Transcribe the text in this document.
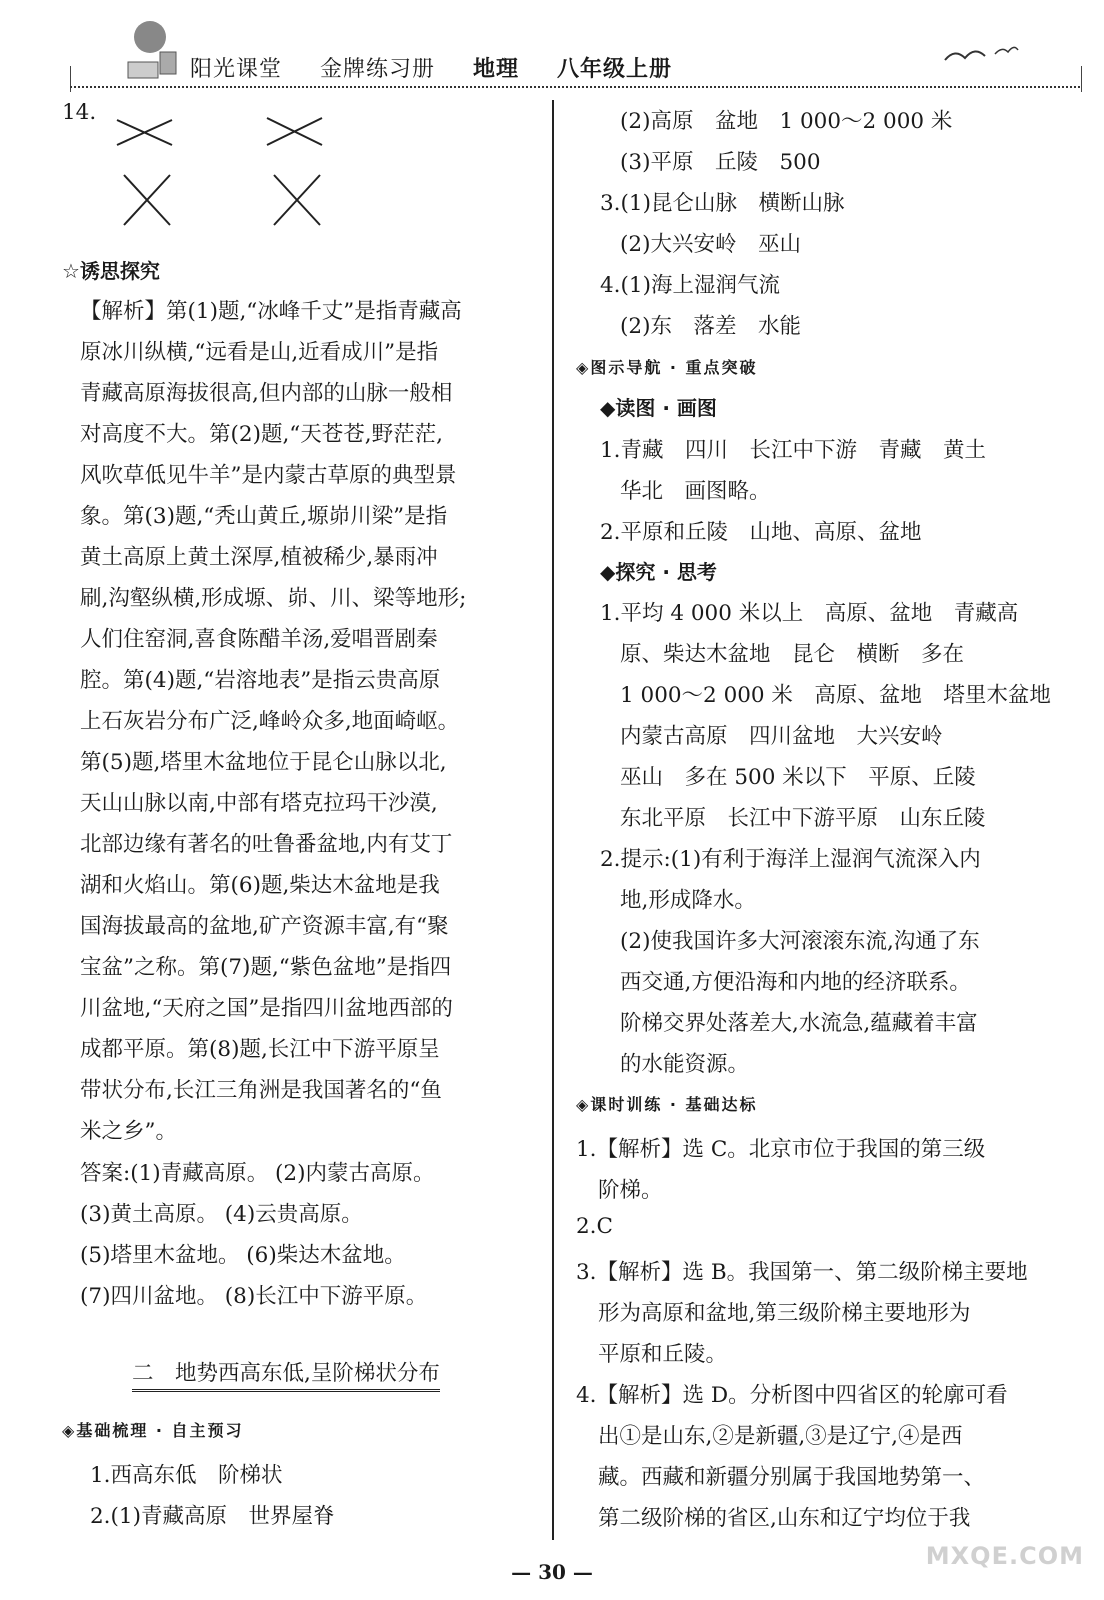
阳光课堂 金牌练习册 地理 八年级上册
14.
☆诱思探究
【解析】第(1)题,“冰峰千丈”是指青藏高
原冰川纵横,“远看是山,近看成川”是指
青藏高原海拔很高,但内部的山脉一般相
对高度不大。第(2)题,“天苍苍,野茫茫,
风吹草低见牛羊”是内蒙古草原的典型景
象。第(3)题,“秃山黄丘,塬峁川梁”是指
黄土高原上黄土深厚,植被稀少,暴雨冲
刷,沟壑纵横,形成塬、峁、川、梁等地形;
人们住窑洞,喜食陈醋羊汤,爱唱晋剧秦
腔。第(4)题,“岩溶地表”是指云贵高原
上石灰岩分布广泛,峰岭众多,地面崎岖。
第(5)题,塔里木盆地位于昆仑山脉以北,
天山山脉以南,中部有塔克拉玛干沙漠,
北部边缘有著名的吐鲁番盆地,内有艾丁
湖和火焰山。第(6)题,柴达木盆地是我
国海拔最高的盆地,矿产资源丰富,有“聚
宝盆”之称。第(7)题,“紫色盆地”是指四
川盆地,“天府之国”是指四川盆地西部的
成都平原。第(8)题,长江中下游平原呈
带状分布,长江三角洲是我国著名的“鱼
米之乡”。
答案:(1)青藏高原。 (2)内蒙古高原。
(3)黄土高原。 (4)云贵高原。
(5)塔里木盆地。 (6)柴达木盆地。
(7)四川盆地。 (8)长江中下游平原。
二　地势西高东低,呈阶梯状分布
◈基础梳理 · 自主预习
1.西高东低　阶梯状
2.(1)青藏高原　世界屋脊
(2)高原　盆地　1 000～2 000 米
(3)平原　丘陵　500
3.(1)昆仑山脉　横断山脉
(2)大兴安岭　巫山
4.(1)海上湿润气流
(2)东　落差　水能
◈图示导航 · 重点突破
◆读图 · 画图
1.青藏　四川　长江中下游　青藏　黄土
华北　画图略。
2.平原和丘陵　山地、高原、盆地
◆探究 · 思考
1.平均 4 000 米以上　高原、盆地　青藏高
原、柴达木盆地　昆仑　横断　多在
1 000～2 000 米　高原、盆地　塔里木盆地
内蒙古高原　四川盆地　大兴安岭
巫山　多在 500 米以下　平原、丘陵
东北平原　长江中下游平原　山东丘陵
2.提示:(1)有利于海洋上湿润气流深入内
地,形成降水。
(2)使我国许多大河滚滚东流,沟通了东
西交通,方便沿海和内地的经济联系。
阶梯交界处落差大,水流急,蕴藏着丰富
的水能资源。
◈课时训练 · 基础达标
1.【解析】选 C。北京市位于我国的第三级
阶梯。
2.C
3.【解析】选 B。我国第一、第二级阶梯主要地
形为高原和盆地,第三级阶梯主要地形为
平原和丘陵。
4.【解析】选 D。分析图中四省区的轮廓可看
出①是山东,②是新疆,③是辽宁,④是西
藏。西藏和新疆分别属于我国地势第一、
第二级阶梯的省区,山东和辽宁均位于我
— 30 —
MXQE.COM
